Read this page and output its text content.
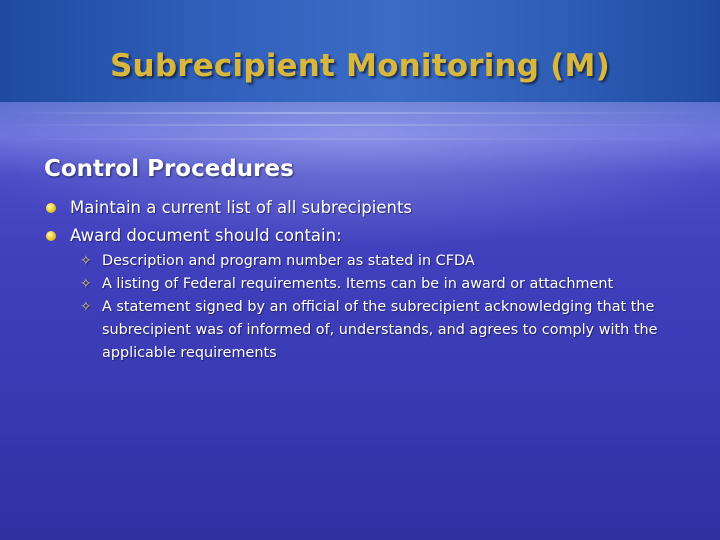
Subrecipient Monitoring (M)
Control Procedures
Maintain a current list of all subrecipients
Award document should contain:
✧ Description and program number as stated in CFDA
✧ A listing of Federal requirements. Items can be in award or attachment
✧ A statement signed by an official of the subrecipient acknowledging that the subrecipient was of informed of, understands, and agrees to comply with the applicable requirements
